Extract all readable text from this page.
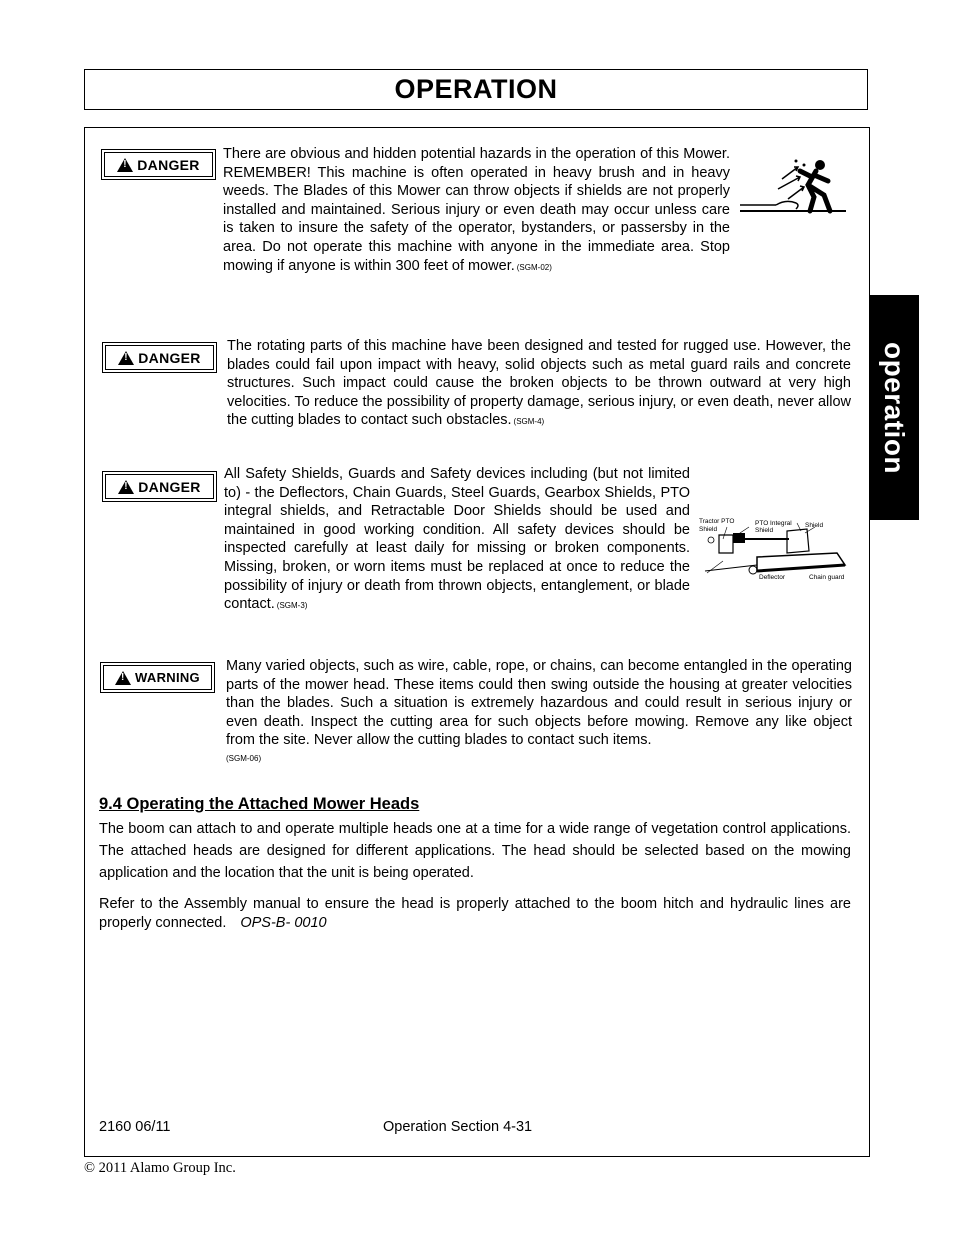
OPERATION
operation
!
DANGER
There are obvious and hidden potential hazards in the operation of this Mower. REMEMBER! This machine is often operated in heavy brush and in heavy weeds. The Blades of this Mower can throw objects if shields are not properly installed and maintained. Serious injury or even death may occur unless care is taken to insure the safety of the operator, bystanders, or passersby in the area. Do not operate this machine with anyone in the immediate area. Stop mowing if anyone is within 300 feet of mower. (SGM-02)
!
DANGER
The rotating parts of this machine have been designed and tested for rugged use. However, the blades could fail upon impact with heavy, solid objects such as metal guard rails and concrete structures. Such impact could cause the broken objects to be thrown outward at very high velocities. To reduce the possibility of property damage, serious injury, or even death, never allow the cutting blades to contact such obstacles. (SGM-4)
!
DANGER
All Safety Shields, Guards and Safety devices including (but not limited to) - the Deflectors, Chain Guards, Steel Guards, Gearbox Shields, PTO integral shields, and Retractable Door Shields should be used and maintained in good working condition. All safety devices should be inspected carefully at least daily for missing or broken components. Missing, broken, or worn items must be replaced at once to reduce the possibility of injury or death from thrown objects, entanglement, or blade contact. (SGM-3)
Tractor PTO
Shield
PTO Integral
Shield
Shield
Deflector	Chain guard
!
WARNING
Many varied objects, such as wire, cable, rope, or chains, can become entangled in the operating parts of the mower head. These items could then swing outside the housing at greater velocities than the blades. Such a situation is extremely hazardous and could result in serious injury or even death. Inspect the cutting area for such objects before mowing. Remove any like object from the site. Never allow the cutting blades to contact such items.
(SGM-06)
9.4 Operating the Attached Mower Heads
The boom can attach to and operate multiple heads one at a time for a wide range of vegetation control applications. The attached heads are designed for different applications. The head should be selected based on the mowing application and the location that the unit is being operated.
Refer to the Assembly manual to ensure the head is properly attached to the boom hitch and hydraulic lines are properly connected. OPS-B- 0010
2160 06/11	Operation Section 4-31
© 2011 Alamo Group Inc.
